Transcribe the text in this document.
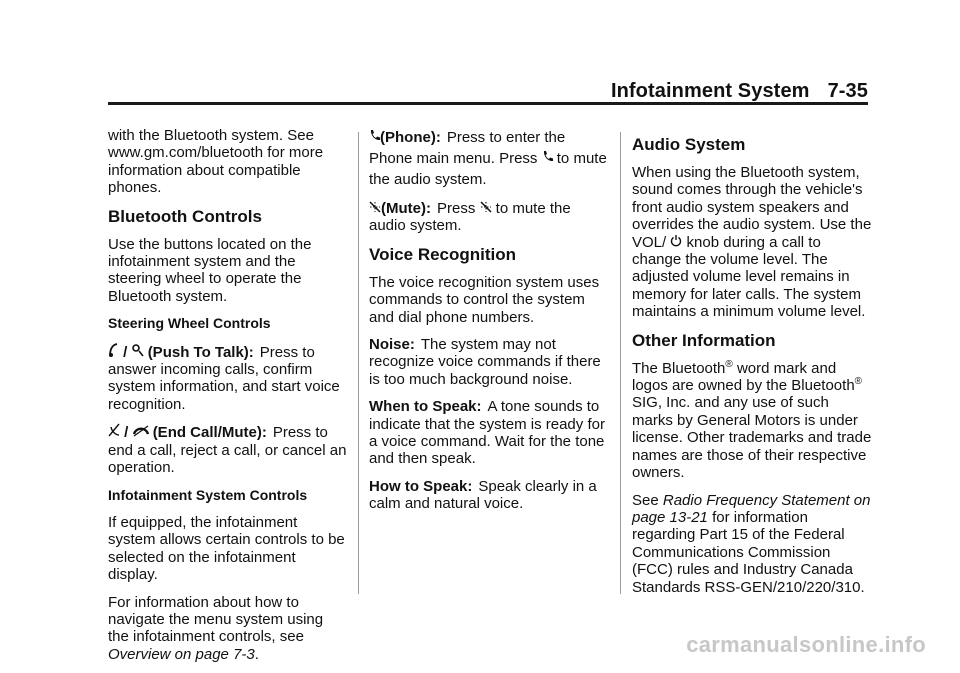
Infotainment System 7-35

with the Bluetooth system. See www.gm.com/bluetooth for more information about compatible phones.

Bluetooth Controls

Use the buttons located on the infotainment system and the steering wheel to operate the Bluetooth system.

Steering Wheel Controls

/ (Push To Talk): Press to answer incoming calls, confirm system information, and start voice recognition.

/ (End Call/Mute): Press to end a call, reject a call, or cancel an operation.

Infotainment System Controls

If equipped, the infotainment system allows certain controls to be selected on the infotainment display.

For information about how to navigate the menu system using the infotainment controls, see Overview on page 7-3.

(Phone): Press to enter the Phone main menu. Press to mute the audio system.

(Mute): Press to mute the audio system.

Voice Recognition

The voice recognition system uses commands to control the system and dial phone numbers.

Noise: The system may not recognize voice commands if there is too much background noise.

When to Speak: A tone sounds to indicate that the system is ready for a voice command. Wait for the tone and then speak.

How to Speak: Speak clearly in a calm and natural voice.

Audio System

When using the Bluetooth system, sound comes through the vehicle's front audio system speakers and overrides the audio system. Use the VOL/ knob during a call to change the volume level. The adjusted volume level remains in memory for later calls. The system maintains a minimum volume level.

Other Information

The Bluetooth® word mark and logos are owned by the Bluetooth® SIG, Inc. and any use of such marks by General Motors is under license. Other trademarks and trade names are those of their respective owners.

See Radio Frequency Statement on page 13-21 for information regarding Part 15 of the Federal Communications Commission (FCC) rules and Industry Canada Standards RSS-GEN/210/220/310.

carmanualsonline.info
